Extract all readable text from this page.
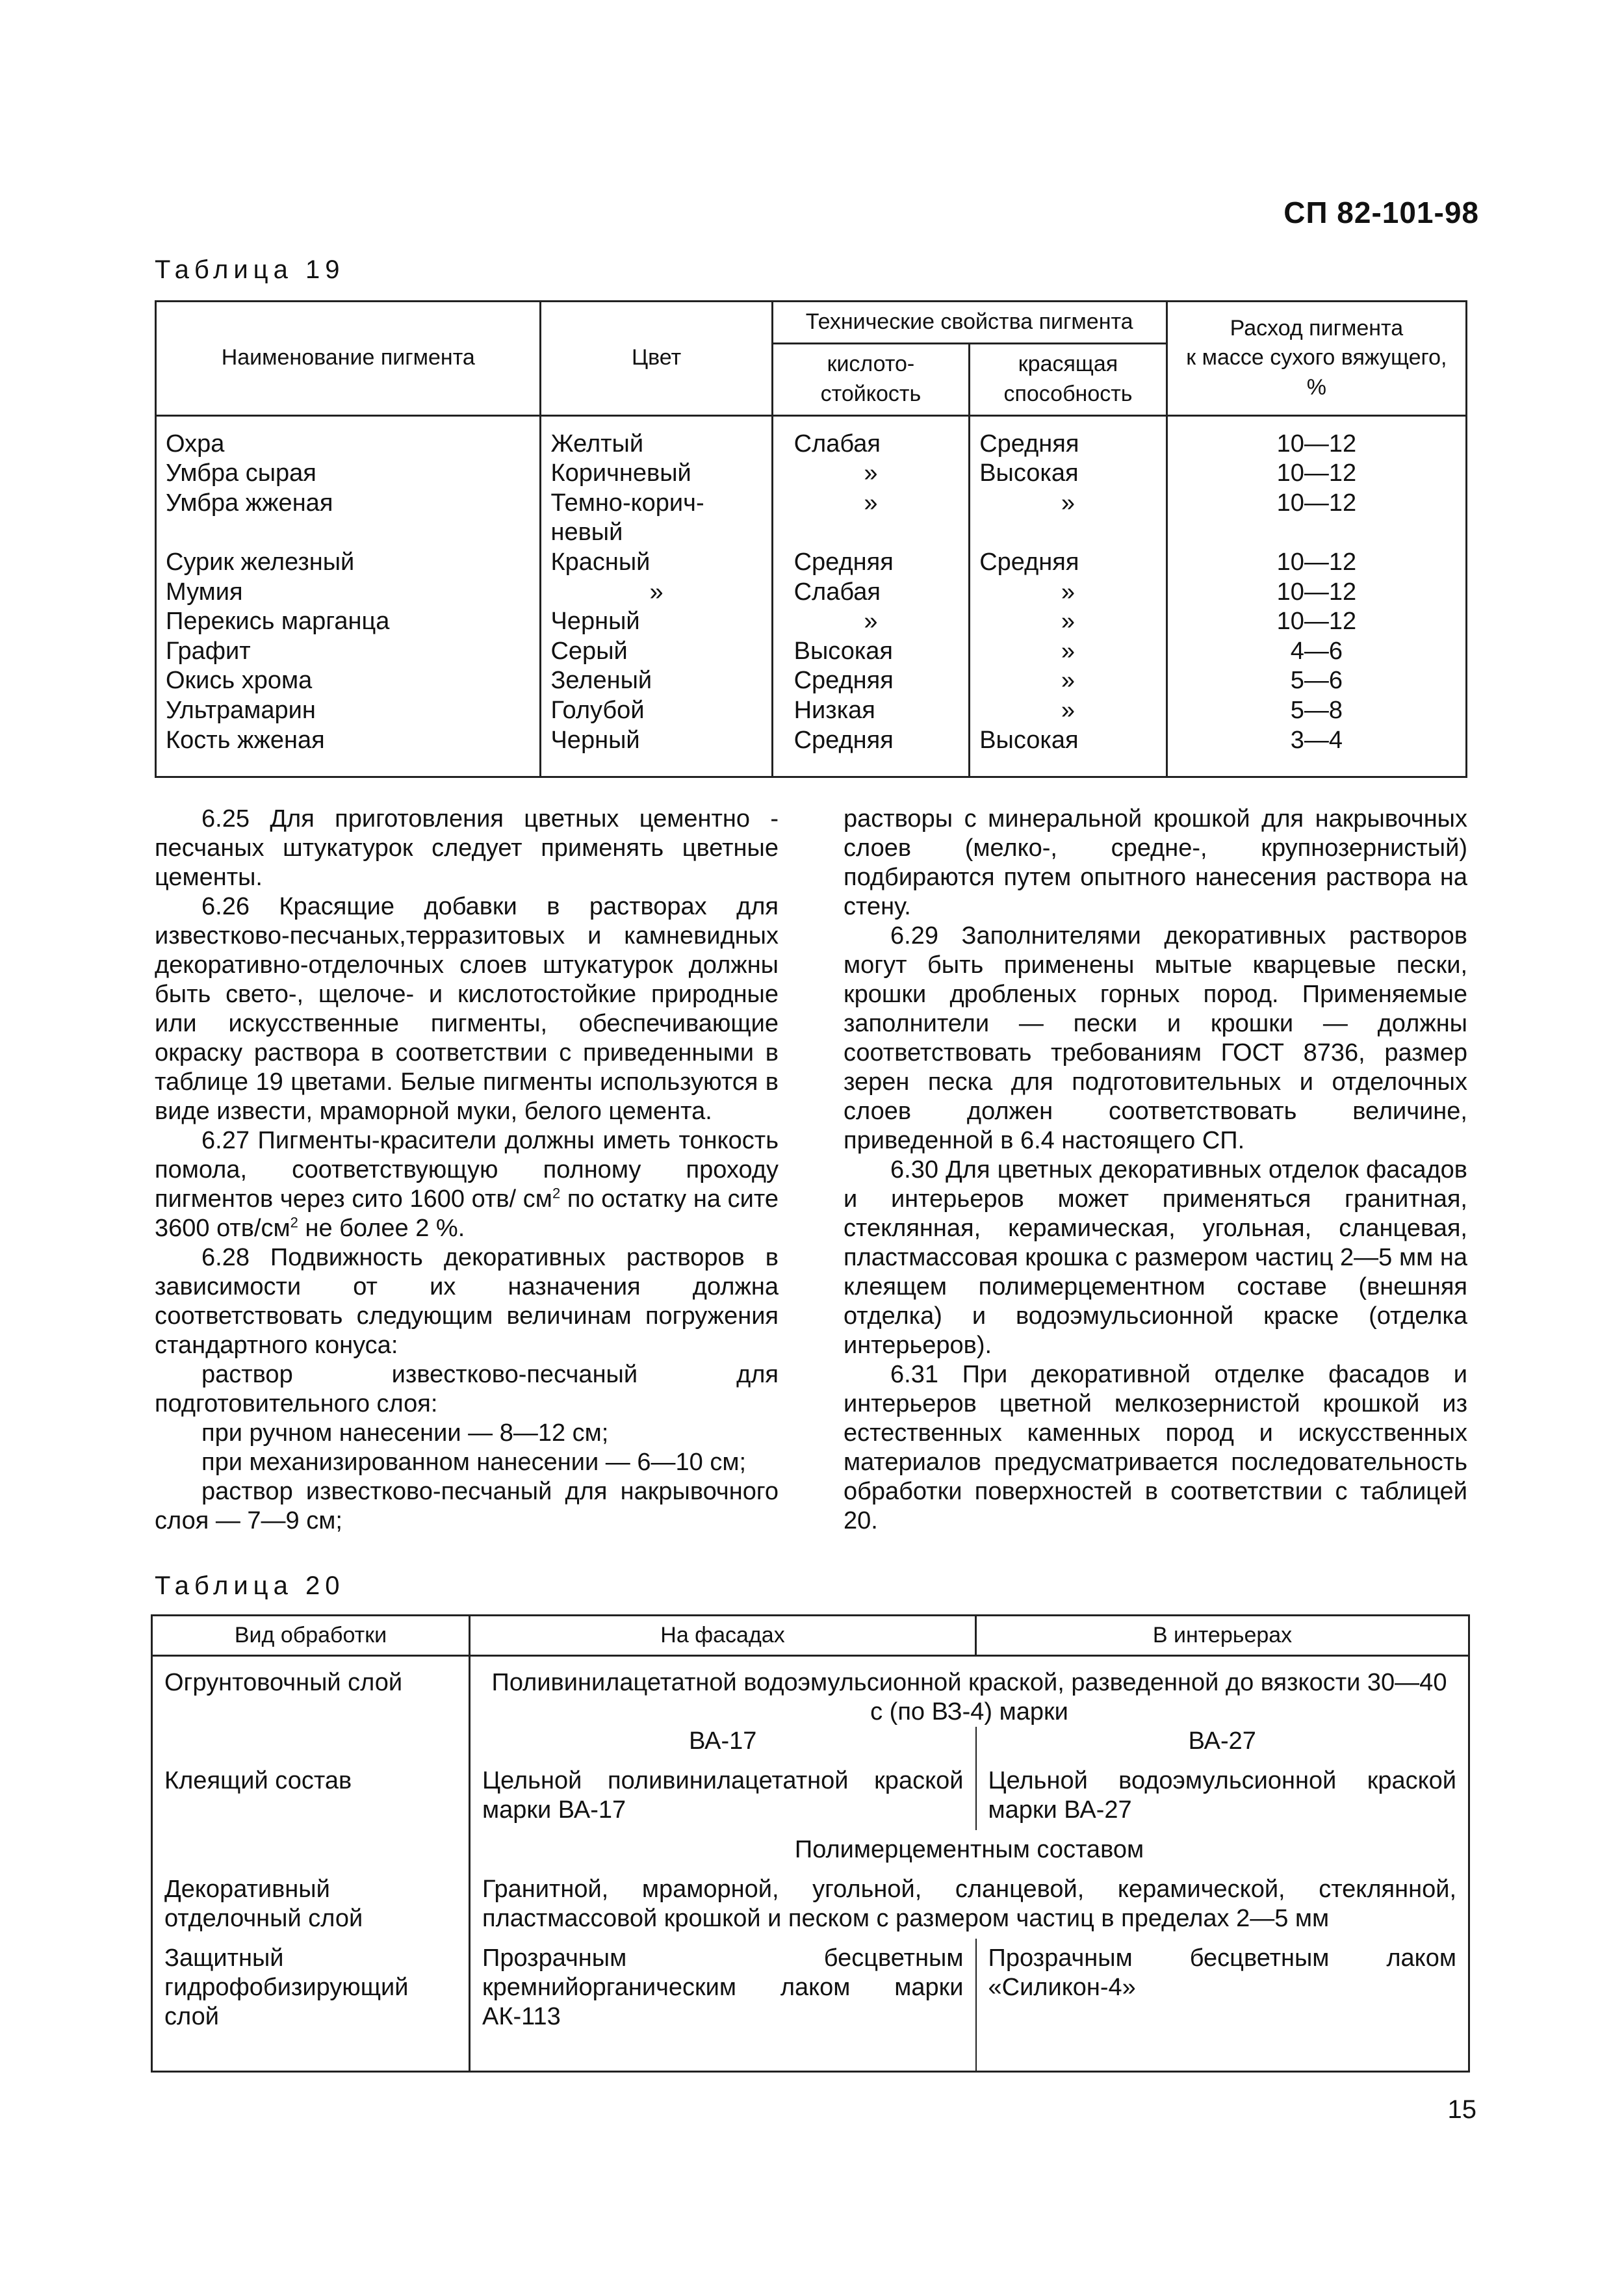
СП 82-101-98
Таблица 19
Наименование пигмента	Цвет	Технические свойства пигмента		Расход пигмента
к массе сухого вяжущего,
%
		кислото-
стойкость	красящая
способность	
Охра	Желтый	Слабая	Средняя	10—12
Умбра сырая	Коричневый	»	Высокая	10—12
Умбра жженая	Темно-корич-
невый	»	»	10—12
Сурик железный	Красный	Средняя	Средняя	10—12
Мумия	»	Слабая	»	10—12
Перекись марганца	Черный	»	»	10—12
Графит	Серый	Высокая	»	4—6
Окись хрома	Зеленый	Средняя	»	5—6
Ультрамарин	Голубой	Низкая	»	5—8
Кость жженая	Черный	Средняя	Высокая	3—4

6.25 Для приготовления цветных цементно - песчаных штукатурок следует применять цветные цементы.

6.26 Красящие добавки в растворах для известково-песчаных,терразитовых и камневидных декоративно-отделочных слоев штукатурок должны быть свето-, щелоче- и кислотостойкие природные или искусственные пигменты, обеспечивающие окраску раствора в соответствии с приведенными в таблице 19 цветами. Белые пигменты используются в виде извести, мраморной муки, белого цемента.

6.27 Пигменты-красители должны иметь тонкость помола, соответствующую полному проходу пигментов через сито 1600 отв/ $см^2$ по остатку на сите 3600 отв/$см^2$ не более 2 %.

6.28 Подвижность декоративных растворов в зависимости от их назначения должна соответствовать следующим величинам погружения стандартного конуса:

раствор известково-песчаный для подготовительного слоя:

при ручном нанесении — 8—12 см;

при механизированном нанесении — 6—10 см;

раствор известково-песчаный для накрывочного слоя — 7—9 см;

растворы с минеральной крошкой для накрывочных слоев (мелко-, средне-, крупнозернистый) подбираются путем опытного нанесения раствора на стену.

6.29 Заполнителями декоративных растворов могут быть применены мытые кварцевые пески, крошки дробленых горных пород. Применяемые заполнители — пески и крошки — должны соответствовать требованиям ГОСТ 8736, размер зерен песка для подготовительных и отделочных слоев должен соответствовать величине, приведенной в 6.4 настоящего СП.

6.30 Для цветных декоративных отделок фасадов и интерьеров может применяться гранитная, стеклянная, керамическая, угольная, сланцевая, пластмассовая крошка с размером частиц 2—5 мм на клеящем полимерцементном составе (внешняя отделка) и водоэмульсионной краске (отделка интерьеров).

6.31 При декоративной отделке фасадов и интерьеров цветной мелкозернистой крошкой из естественных каменных пород и искусственных материалов предусматривается последовательность обработки поверхностей в соответствии с таблицей 20.

Таблица 20
Вид обработки	На фасадах	В интерьерах
Огрунтовочный слой	Поливинилацетатной водоэмульсионной краской, разведенной до вязкости 30—40 с (по ВЗ-4) марки	
	ВА-17	ВА-27
Клеящий состав	Цельной поливинилацетатной краской марки ВА-17	Цельной водоэмульсионной краской марки ВА-27
	Полимерцементным составом	
Декоративный отделочный слой	Гранитной, мраморной, угольной, сланцевой, керамической, стеклянной, пластмассовой крошкой и песком с размером частиц в пределах 2—5 мм	
Защитный гидрофобизирующий слой	Прозрачным бесцветным кремнийорганическим лаком марки АК-113	Прозрачным бесцветным лаком «Силикон-4»
15
